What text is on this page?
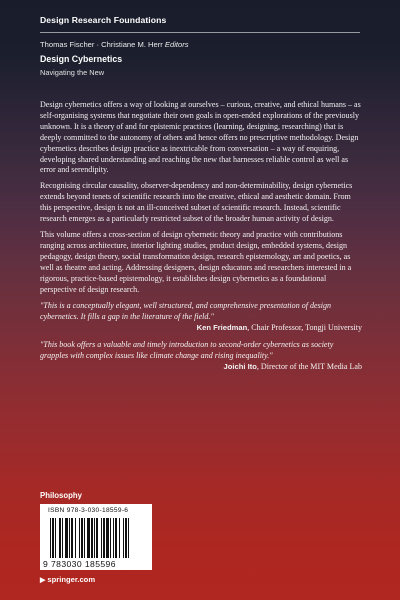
Design Research Foundations
Thomas Fischer · Christiane M. Herr Editors
Design Cybernetics
Navigating the New

Design cybernetics offers a way of looking at ourselves – curious, creative, and ethical humans – as self-organising systems that negotiate their own goals in open-ended explorations of the previously unknown. It is a theory of and for epistemic practices (learning, designing, researching) that is deeply committed to the autonomy of others and hence offers no prescriptive methodology. Design cybernetics describes design practice as inextricable from conversation – a way of enquiring, developing shared understanding and reaching the new that harnesses reliable control as well as error and serendipity.

Recognising circular causality, observer-dependency and non-determinability, design cybernetics extends beyond tenets of scientific research into the creative, ethical and aesthetic domain. From this perspective, design is not an ill-conceived subset of scientific research. Instead, scientific research emerges as a particularly restricted subset of the broader human activity of design.

This volume offers a cross-section of design cybernetic theory and practice with contributions ranging across architecture, interior lighting studies, product design, embedded systems, design pedagogy, design theory, social transformation design, research epistemology, art and poetics, as well as theatre and acting. Addressing designers, design educators and researchers interested in a rigorous, practice-based epistemology, it establishes design cybernetics as a foundational perspective of design research.

"This is a conceptually elegant, well structured, and comprehensive presentation of design cybernetics. It fills a gap in the literature of the field."

Ken Friedman, Chair Professor, Tongji University

"This book offers a valuable and timely introduction to second-order cybernetics as society grapples with complex issues like climate change and rising inequality."

Joichi Ito, Director of the MIT Media Lab

Philosophy
ISBN 978-3-030-18559-6
9 783030 185596
▶ springer.com
